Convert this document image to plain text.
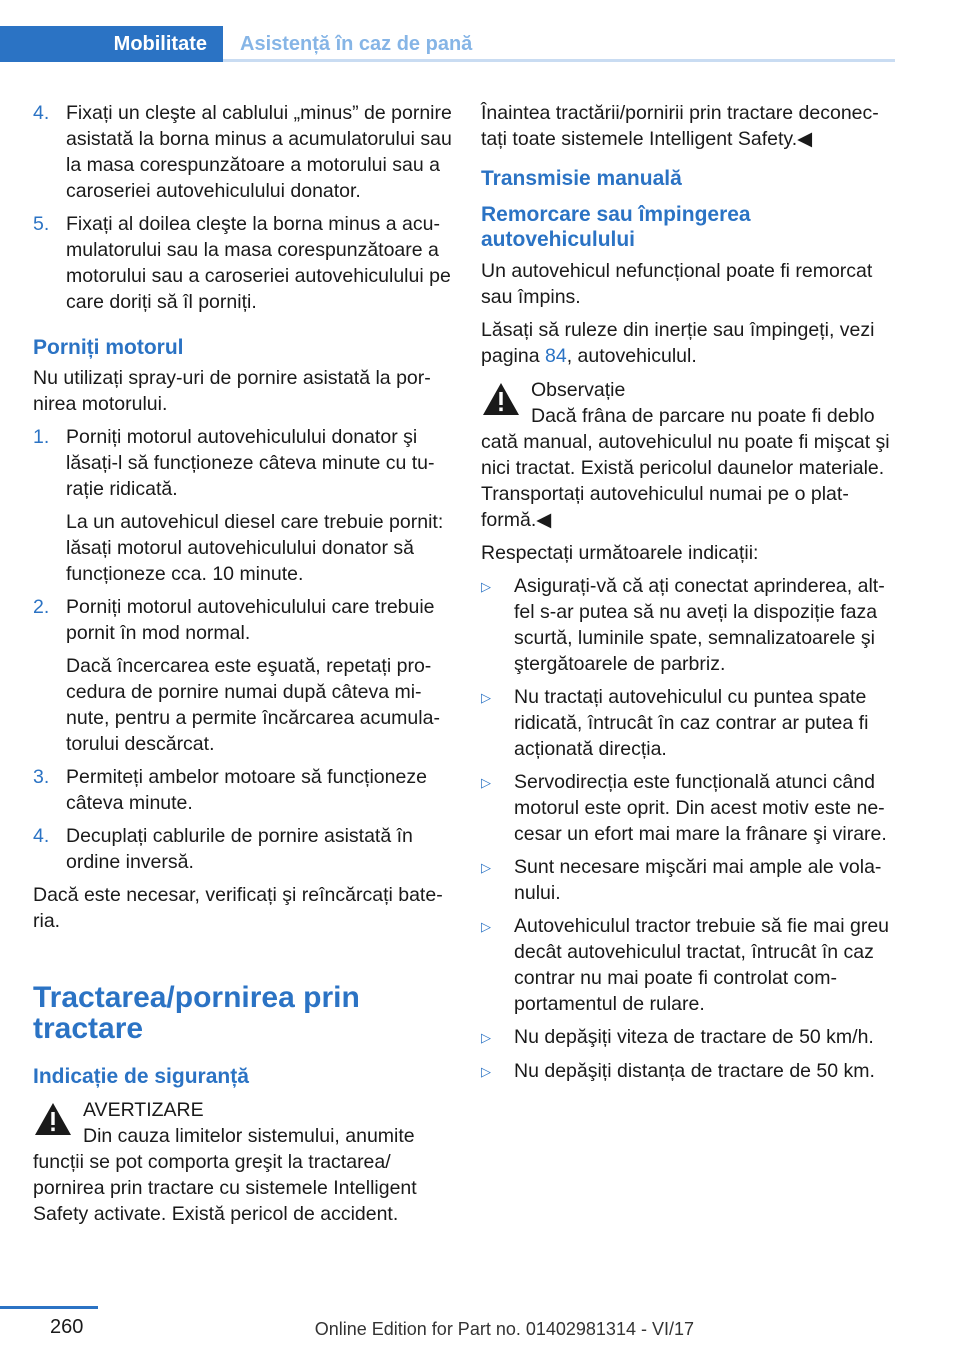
Mobilitate	Asistență în caz de pană
4. Fixați un cleşte al cablului „minus” de pornire asistată la borna minus a acumulatorului sau la masa corespunzătoare a motorului sau a caroseriei autovehiculului donator.

5. Fixați al doilea cleşte la borna minus a acumulatorului sau la masa corespunzătoare a motorului sau a caroseriei autovehiculului pe care doriți să îl porniți.

Porniți motorul

Nu utilizați spray-uri de pornire asistată la pornirea motorului.

1. Porniți motorul autovehiculului donator şi lăsați-l să funcționeze câteva minute cu turație ridicată.

La un autovehicul diesel care trebuie pornit: lăsați motorul autovehiculului donator să funcționeze cca. 10 minute.

2. Porniți motorul autovehiculului care trebuie pornit în mod normal.

Dacă încercarea este eşuată, repetați procedura de pornire numai după câteva minute, pentru a permite încărcarea acumulatorului descărcat.

3. Permiteți ambelor motoare să funcționeze câteva minute.

4. Decuplați cablurile de pornire asistată în ordine inversă.

Dacă este necesar, verificați şi reîncărcați bateria.

Tractarea/pornirea prin tractare
Indicație de siguranță
AVERTIZARE
Din cauza limitelor sistemului, anumite
funcții se pot comporta greşit la tractarea/ pornirea prin tractare cu sistemele Intelligent Safety activate. Există pericol de accident.

Înaintea tractării/pornirii prin tractare deconectați toate sistemele Intelligent Safety.◀

Transmisie manuală
Remorcare sau împingerea autovehiculului

Un autovehicul nefuncțional poate fi remorcat sau împins.

Lăsați să ruleze din inerție sau împingeți, vezi pagina 84, autovehiculul.

Observație
Dacă frâna de parcare nu poate fi deblo
cată manual, autovehiculul nu poate fi mişcat şi nici tractat. Există pericolul daunelor materiale. Transportați autovehiculul numai pe o platformă.◀

Respectați următoarele indicații:

▷	Asigurați-vă că ați conectat aprinderea, altfel s-ar putea să nu aveți la dispoziție faza scurtă, luminile spate, semnalizatoarele şi ştergătoarele de parbriz.
▷	Nu tractați autovehiculul cu puntea spate ridicată, întrucât în caz contrar ar putea fi acționată direcția.
▷	Servodirecția este funcțională atunci când motorul este oprit. Din acest motiv este necesar un efort mai mare la frânare şi virare.
▷	Sunt necesare mişcări mai ample ale volanului.
▷	Autovehiculul tractor trebuie să fie mai greu decât autovehiculul tractat, întrucât în caz contrar nu mai poate fi controlat comportamentul de rulare.
▷	Nu depăşiți viteza de tractare de 50 km/h.
▷	Nu depăşiți distanța de tractare de 50 km.
260	Online Edition for Part no. 01402981314 - VI/17
